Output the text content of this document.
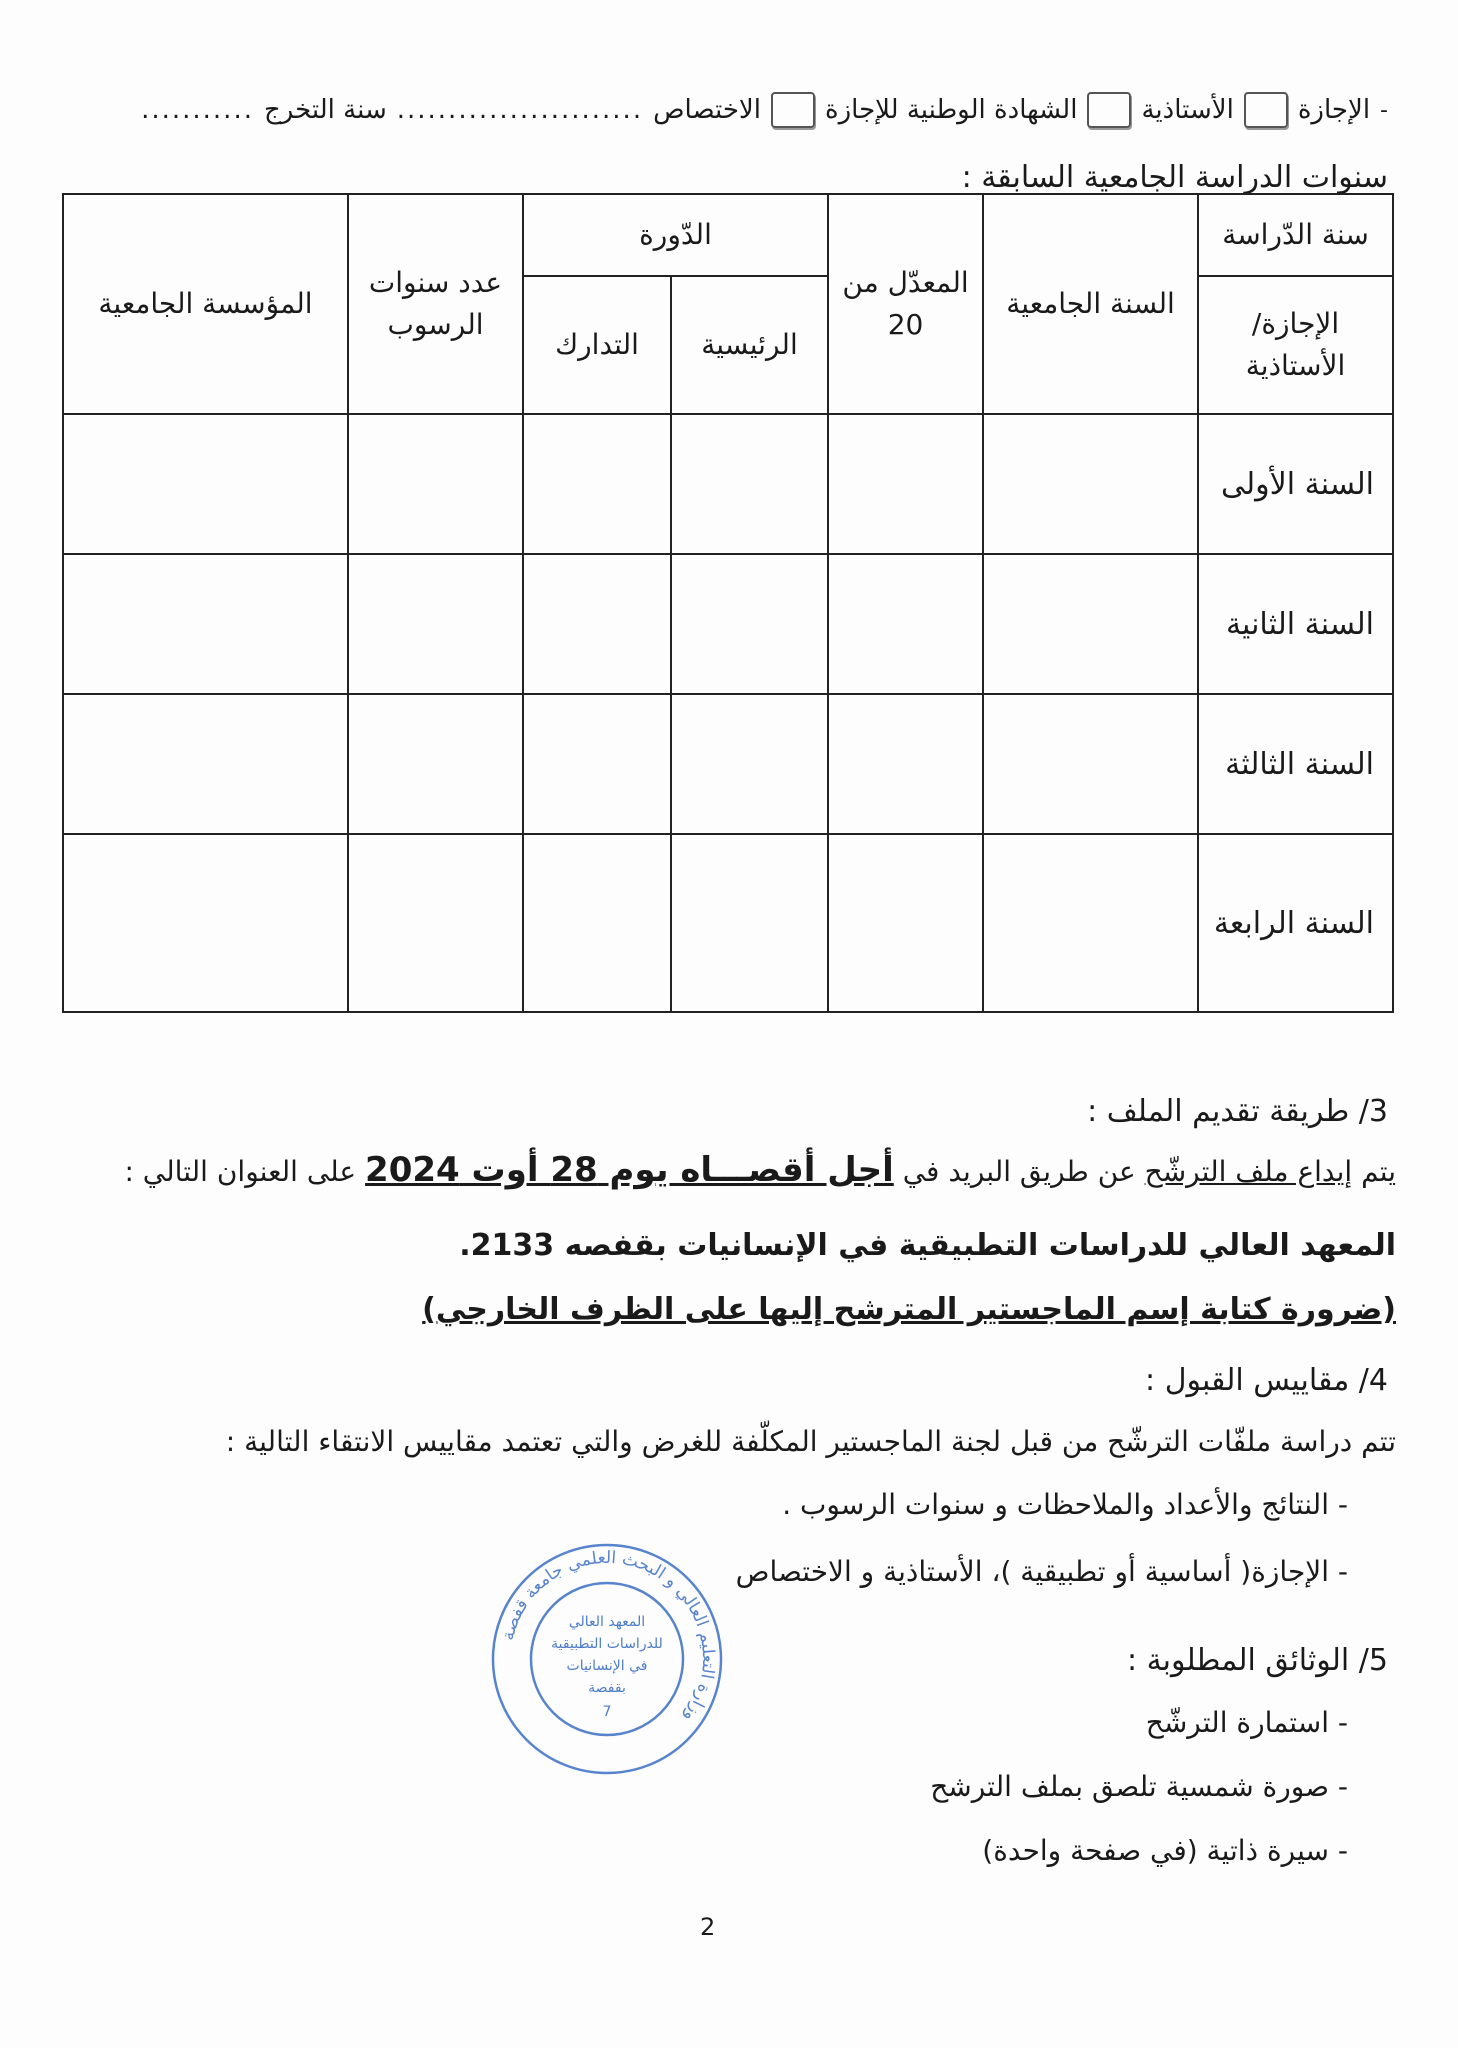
-
الإجازة
الأستاذية
الشهادة الوطنية للإجازة
الاختصاص
........................
سنة التخرج
...........
سنوات الدراسة الجامعية السابقة :
سنة الدّراسة	السنة الجامعية	المعدّل من 20	الدّورة		عدد سنوات الرسوب	المؤسسة الجامعية
الإجازة/ الأستاذية			الرئيسية	التدارك		
السنة الأولى						
السنة الثانية						
السنة الثالثة						
السنة الرابعة						
3/ طريقة تقديم الملف :
يتم إيداع ملف الترشّح عن طريق البريد في أجل أقصـــاه يوم 28 أوت 2024 على العنوان التالي :
المعهد العالي للدراسات التطبيقية في الإنسانيات بقفصه 2133.
(ضرورة كتابة إسم الماجستير المترشح إليها على الظرف الخارجي)
4/ مقاييس القبول :
تتم دراسة ملفّات الترشّح من قبل لجنة الماجستير المكلّفة للغرض والتي تعتمد مقاييس الانتقاء التالية :
- النتائج والأعداد والملاحظات و سنوات الرسوب .
- الإجازة( أساسية أو تطبيقية )، الأستاذية و الاختصاص
5/ الوثائق المطلوبة :
- استمارة الترشّح
- صورة شمسية تلصق بملف الترشح
- سيرة ذاتية (في صفحة واحدة)
وزارة التعليم العالي و البحث العلمي جامعة قفصة
المعهد العالي
للدراسات التطبيقية
في الإنسانيات
بقفصة
7
2
